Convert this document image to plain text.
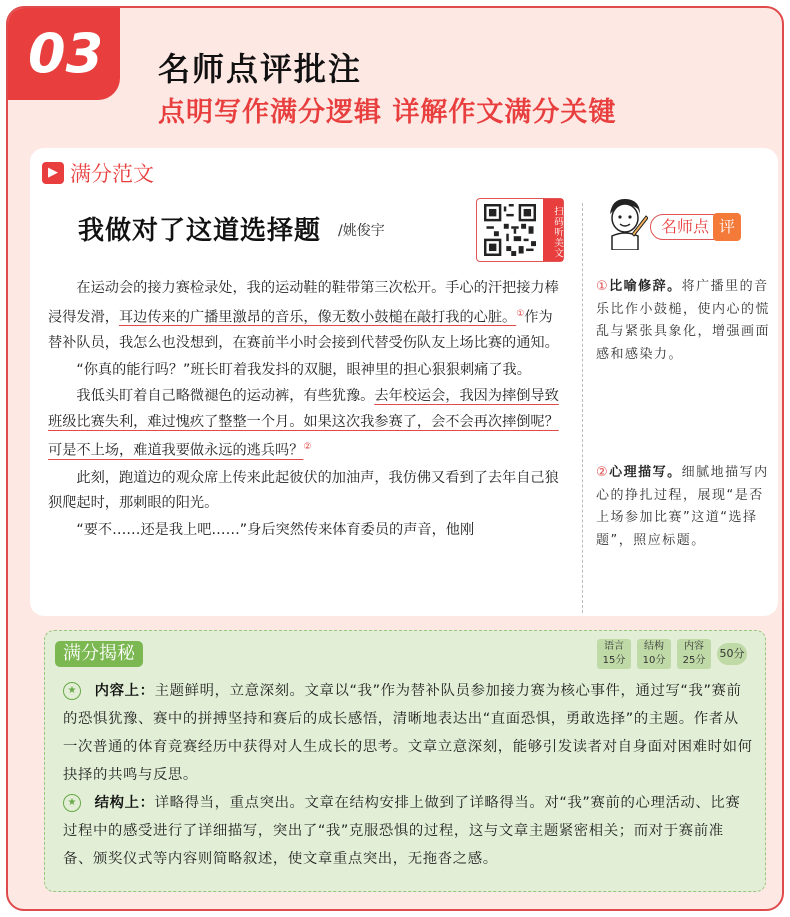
03 名师点评批注
点明写作满分逻辑 详解作文满分关键
▶ 满分范文
我做对了这道选择题 /姚俊宇	扫码听美文

在运动会的接力赛检录处，我的运动鞋的鞋带第三次松开。手心的汗把接力棒浸得发滑，耳边传来的广播里激昂的音乐，像无数小鼓槌在敲打我的心脏。①作为替补队员，我怎么也没想到，在赛前半小时会接到代替受伤队友上场比赛的通知。

“你真的能行吗？”班长盯着我发抖的双腿，眼神里的担心狠狠刺痛了我。

我低头盯着自己略微褪色的运动裤，有些犹豫。去年校运会，我因为摔倒导致班级比赛失利，难过愧疚了整整一个月。如果这次我参赛了，会不会再次摔倒呢？可是不上场，难道我要做永远的逃兵吗？②

此刻，跑道边的观众席上传来此起彼伏的加油声，我仿佛又看到了去年自己狼狈爬起时，那刺眼的阳光。

“要不……还是我上吧……”身后突然传来体育委员的声音，他刚

名师点 评
①比喻修辞。将广播里的音乐比作小鼓槌，使内心的慌乱与紧张具象化，增强画面感和感染力。
②心理描写。细腻地描写内心的挣扎过程，展现“是否上场参加比赛”这道“选择题”，照应标题。
满分揭秘	语言
15分
结构
10分
内容
25分
50分
★	内容上：主题鲜明，立意深刻。文章以“我”作为替补队员参加接力赛为核心事件，通过写“我”赛前的恐惧犹豫、赛中的拼搏坚持和赛后的成长感悟，清晰地表达出“直面恐惧，勇敢选择”的主题。作者从一次普通的体育竞赛经历中获得对人生成长的思考。文章立意深刻，能够引发读者对自身面对困难时如何抉择的共鸣与反思。
★	结构上：详略得当，重点突出。文章在结构安排上做到了详略得当。对“我”赛前的心理活动、比赛过程中的感受进行了详细描写，突出了“我”克服恐惧的过程，这与文章主题紧密相关；而对于赛前准备、颁奖仪式等内容则简略叙述，使文章重点突出，无拖沓之感。
